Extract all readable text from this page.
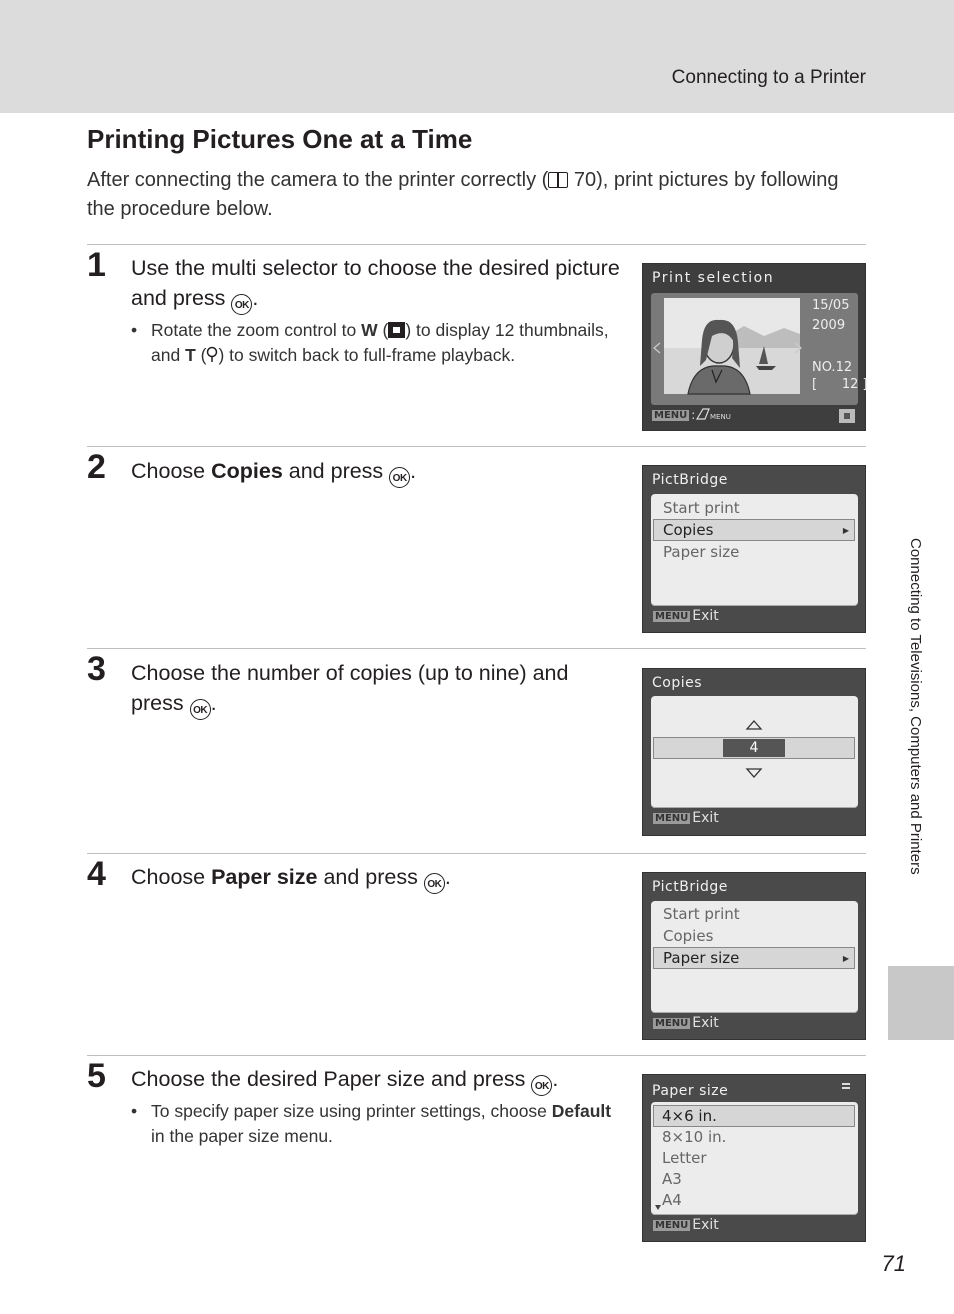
Connecting to a Printer
Connecting to Televisions, Computers and Printers
Printing Pictures One at a Time

After connecting the camera to the printer correctly ( 70), print pictures by following the procedure below.

1 Use the multi selector to choose the desired picture and press OK .

• Rotate the zoom control to W ( ) to display 12 thumbnails, and T ( ) to switch back to full-frame playback.

Print selection
15/05
2009
NO.12
[      12 ]
MENU : MENU
2 Choose Copies and press OK .	PictBridge
▶
Start print
Copies
Paper size
MENU Exit
3 Choose the number of copies (up to nine) and press OK .

Copies
4
MENU Exit
4 Choose Paper size and press OK .	PictBridge
▶
Start print
Copies
Paper size
MENU Exit
5 Choose the desired Paper size and press OK .

• To specify paper size using printer settings, choose Default in the paper size menu.

Paper size
4×6 in.
8×10 in.
Letter
A3
A4
MENU Exit
71
